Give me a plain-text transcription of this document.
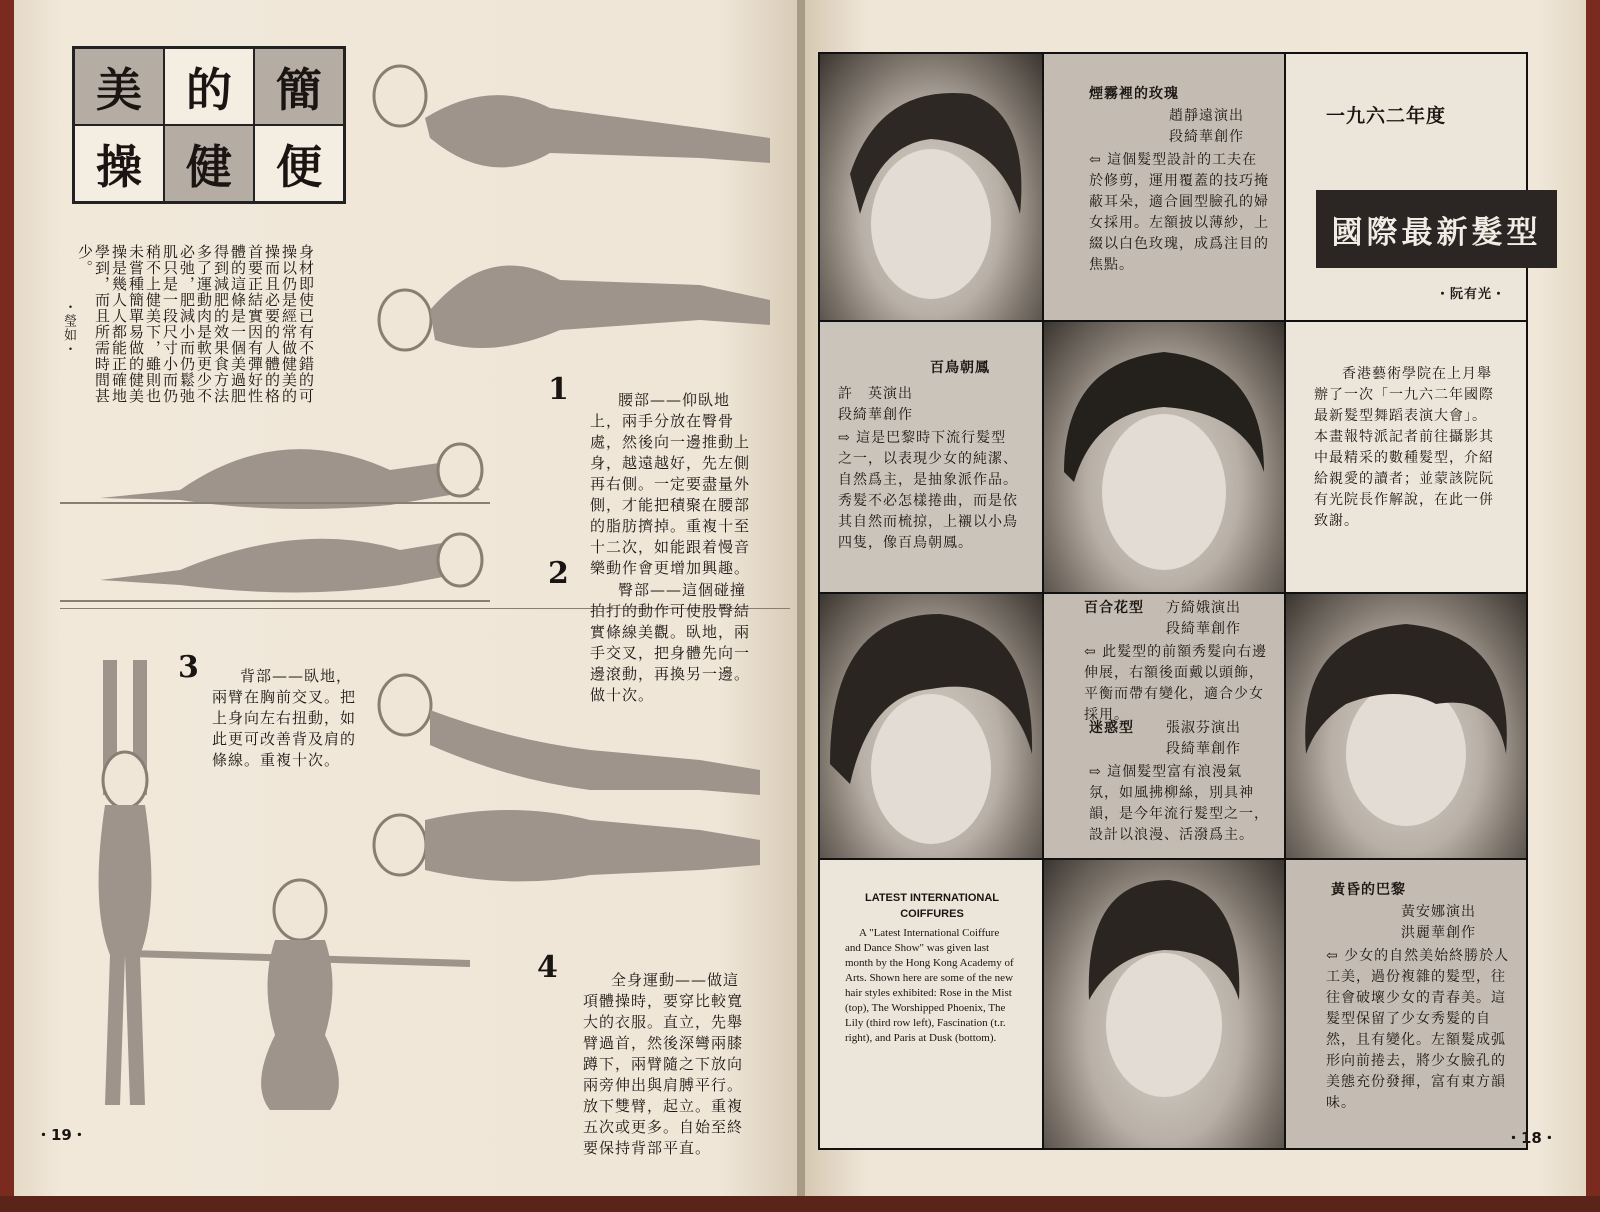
美 的 簡
操 健 便
身材即使已有不錯的可操以仍是經常做健美的操而且必要的人體的格首要正結實因有彈好性體的這條是一個美過肥得到減肥的效果食方法多了運動肉是軟更少不必弛，肥減小而仍鬆弛肌只是一段尺寸小而仍稍不上健美下，雖則也未嘗種簡單易做的健美操是幾人人都能正確地學到，而且所需時間甚少。
・瑩如・
1	腰部——仰臥地上，兩手分放在臀骨處，然後向一邊推動上身，越遠越好，先左側再右側。一定要盡量外側，才能把積聚在腰部的脂肪擠掉。重複十至十二次，如能跟着慢音樂動作會更增加興趣。
2	臀部——這個碰撞拍打的動作可使股臀結實條線美觀。臥地，兩手交叉，把身體先向一邊滾動，再換另一邊。做十次。
3	背部——臥地，兩臂在胸前交叉。把上身向左右扭動，如此更可改善背及肩的條線。重複十次。
4	全身運動——做這項體操時，要穿比較寬大的衣服。直立，先舉臂過首，然後深彎兩膝蹲下，兩臂隨之下放向兩旁伸出與肩膊平行。放下雙臂，起立。重複五次或更多。自始至終要保持背部平直。
・19・
煙霧裡的玫瑰
趙靜遠演出
段綺華創作
⇦ 這個髮型設計的工夫在於修剪，運用覆蓋的技巧掩蔽耳朵，適合圓型臉孔的婦女採用。左額披以薄紗，上綴以白色玫瑰，成爲注目的焦點。
一九六二年度
・阮有光・
百鳥朝鳳
許　英演出
段綺華創作
⇨ 這是巴黎時下流行髮型之一，以表現少女的純潔、自然爲主，是抽象派作品。秀髮不必怎樣捲曲，而是依其自然而梳掠，上襯以小鳥四隻，像百鳥朝鳳。
香港藝術學院在上月舉辦了一次「一九六二年國際最新髮型舞蹈表演大會」。本畫報特派記者前往攝影其中最精采的數種髮型，介紹給親愛的讀者；並蒙該院阮有光院長作解說，在此一併致謝。
百合花型 方綺娥演出
段綺華創作
⇦ 此髮型的前額秀髮向右邊伸展，右額後面戴以頭飾，平衡而帶有變化，適合少女採用。
迷惑型 張淑芬演出
段綺華創作
⇨ 這個髮型富有浪漫氣氛，如風拂柳絲，別具神韻，是今年流行髮型之一，設計以浪漫、活潑爲主。
LATEST INTERNATIONAL COIFFURES
A "Latest International Coiffure and Dance Show" was given last month by the Hong Kong Academy of Arts. Shown here are some of the new hair styles exhibited: Rose in the Mist (top), The Worshipped Phoenix, The Lily (third row left), Fascination (t.r. right), and Paris at Dusk (bottom).
黃昏的巴黎
黃安娜演出
洪麗華創作
⇦ 少女的自然美始終勝於人工美，過份複雜的髮型，往往會破壞少女的青春美。這髮型保留了少女秀髮的自然，且有變化。左額髮成弧形向前捲去，將少女臉孔的美態充份發揮，富有東方韻味。
國際最新髮型
・18・
